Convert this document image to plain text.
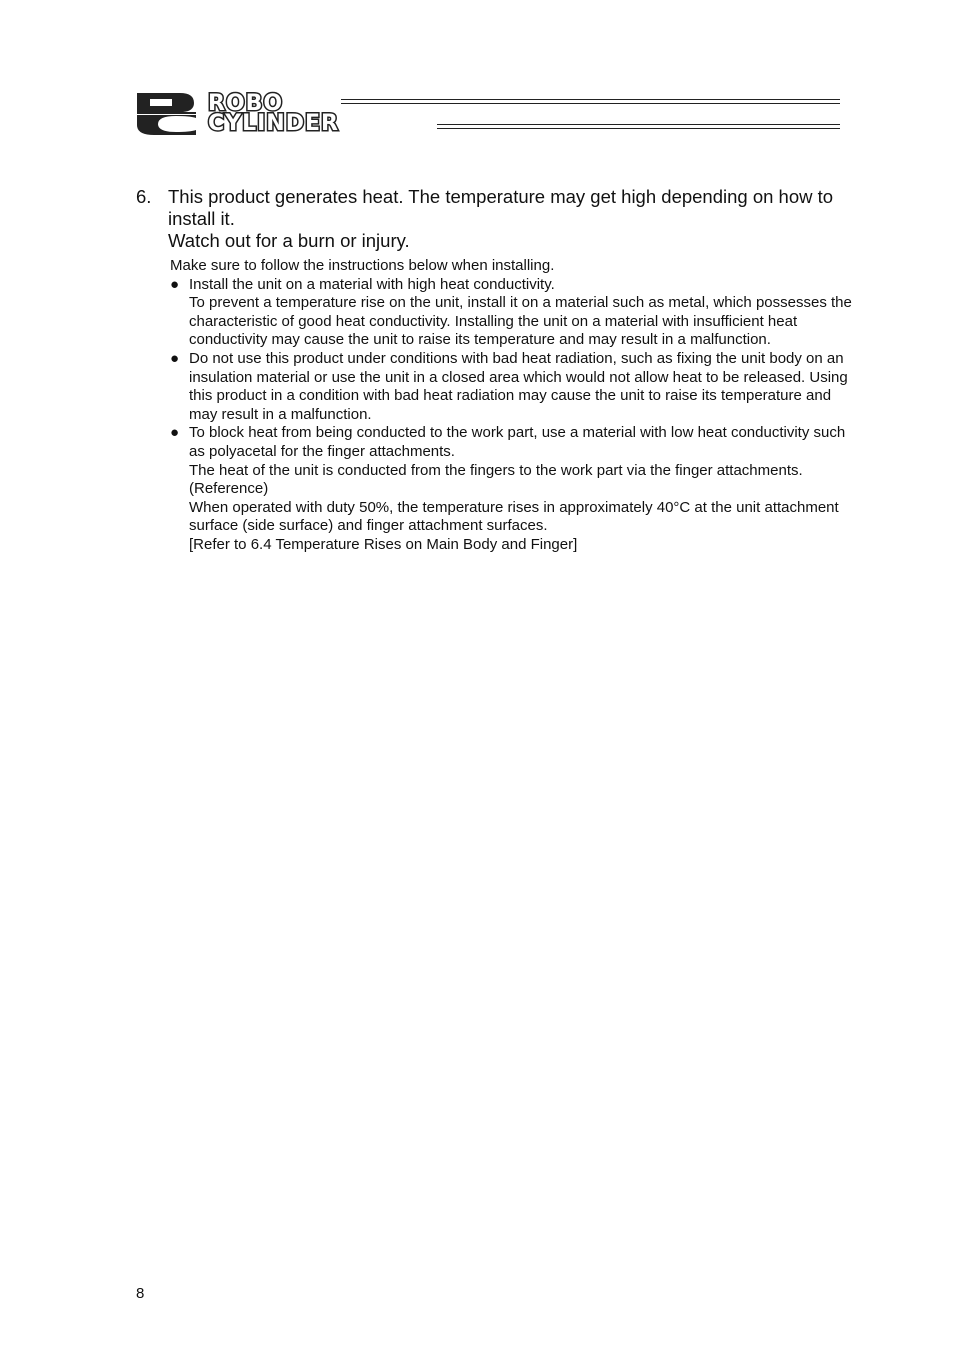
ROBO
CYLINDER
6. This product generates heat. The temperature may get high depending on how to install it.
Watch out for a burn or injury.
Make sure to follow the instructions below when installing.
● Install the unit on a material with high heat conductivity.
To prevent a temperature rise on the unit, install it on a material such as metal, which possesses the characteristic of good heat conductivity. Installing the unit on a material with insufficient heat conductivity may cause the unit to raise its temperature and may result in a malfunction.
● Do not use this product under conditions with bad heat radiation, such as fixing the unit body on an insulation material or use the unit in a closed area which would not allow heat to be released. Using this product in a condition with bad heat radiation may cause the unit to raise its temperature and may result in a malfunction.
● To block heat from being conducted to the work part, use a material with low heat conductivity such as polyacetal for the finger attachments.
The heat of the unit is conducted from the fingers to the work part via the finger attachments.
(Reference)
When operated with duty 50%, the temperature rises in approximately 40°C at the unit attachment surface (side surface) and finger attachment surfaces.
[Refer to 6.4 Temperature Rises on Main Body and Finger]
8
